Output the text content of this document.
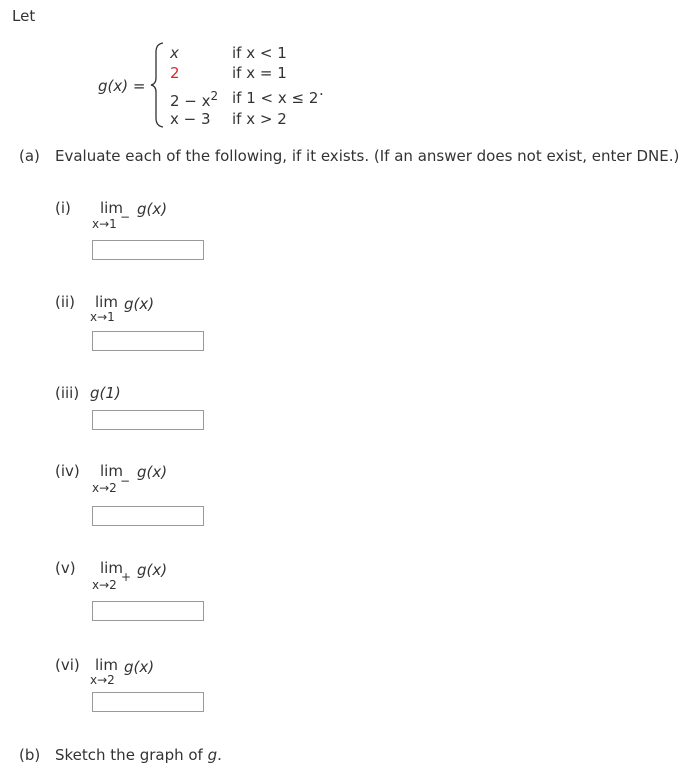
Let
g(x) =
x	if x < 1
2	if x = 1
$2 - x^2$ if 1 < x ≤ 2 .
x − 3 if x > 2
(a) Evaluate each of the following, if it exists. (If an answer does not exist, enter DNE.)
(i) lim
x→1 − g(x)
(ii) lim
x→1
g(x)
(iii) g(1)
(iv) lim
x→2 − g(x)
(v) lim
x→2
+ g(x)
(vi) lim
x→2
g(x)
(b) Sketch the graph of g.
